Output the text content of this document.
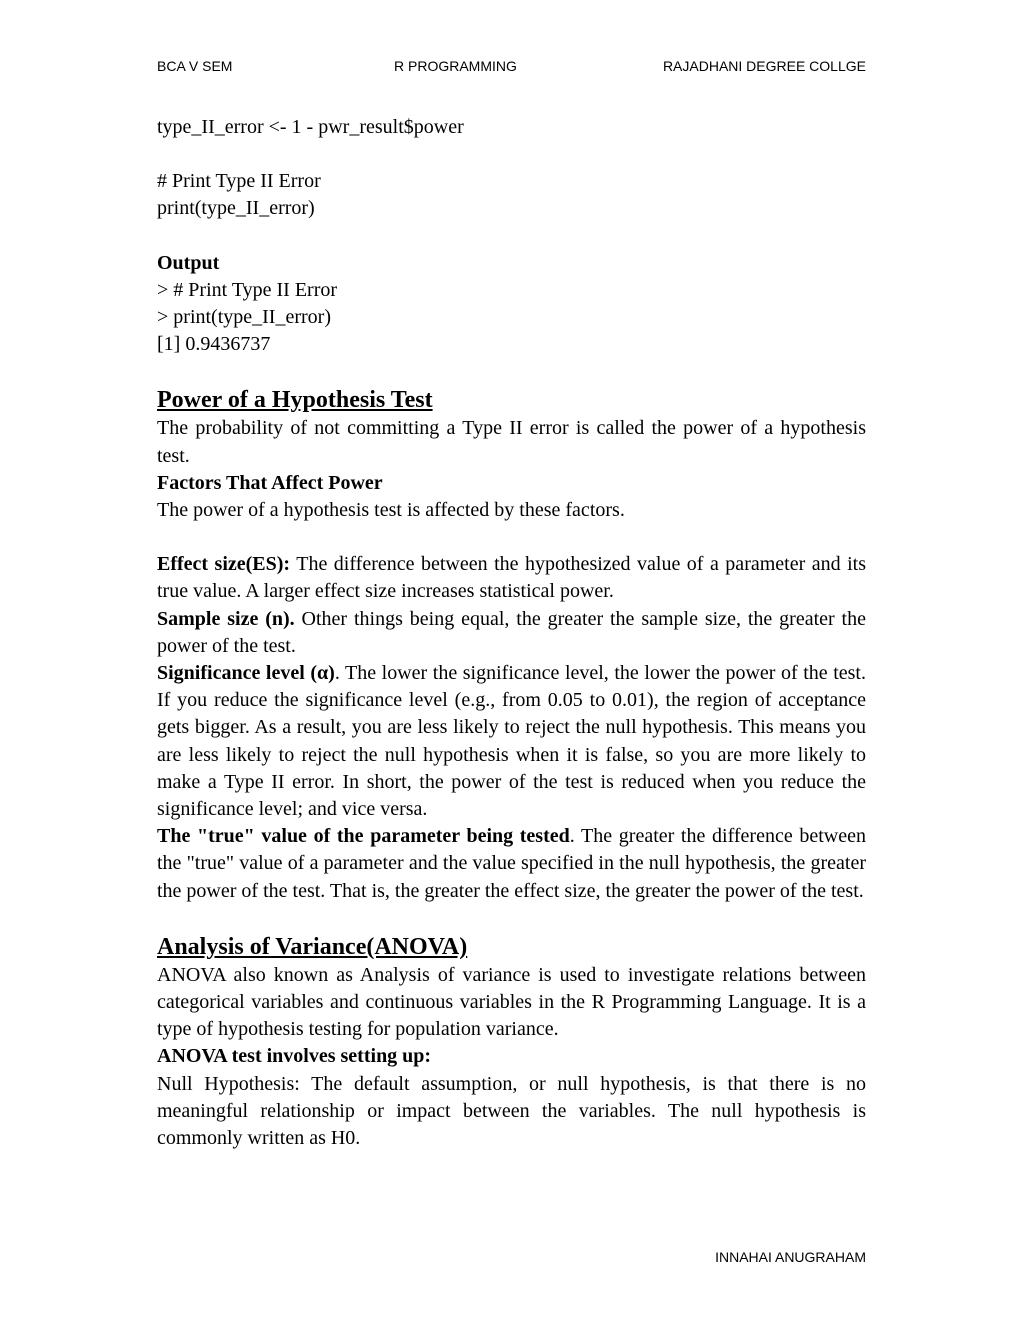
BCA V SEM	R PROGRAMMING	RAJADHANI DEGREE COLLGE

type_II_error <- 1 - pwr_result$power

# Print Type II Error

print(type_II_error)

Output

> # Print Type II Error

> print(type_II_error)

[1] 0.9436737

Power of a Hypothesis Test

The probability of not committing a Type II error is called the power of a hypothesis test.

Factors That Affect Power

The power of a hypothesis test is affected by these factors.

Effect size(ES): The difference between the hypothesized value of a parameter and its true value. A larger effect size increases statistical power.

Sample size (n). Other things being equal, the greater the sample size, the greater the power of the test.

Significance level (α). The lower the significance level, the lower the power of the test. If you reduce the significance level (e.g., from 0.05 to 0.01), the region of acceptance gets bigger. As a result, you are less likely to reject the null hypothesis. This means you are less likely to reject the null hypothesis when it is false, so you are more likely to make a Type II error. In short, the power of the test is reduced when you reduce the significance level; and vice versa.

The "true" value of the parameter being tested. The greater the difference between the "true" value of a parameter and the value specified in the null hypothesis, the greater the power of the test. That is, the greater the effect size, the greater the power of the test.

Analysis of Variance(ANOVA)

ANOVA also known as Analysis of variance is used to investigate relations between categorical variables and continuous variables in the R Programming Language. It is a type of hypothesis testing for population variance.

ANOVA test involves setting up:

Null Hypothesis: The default assumption, or null hypothesis, is that there is no meaningful relationship or impact between the variables. The null hypothesis is commonly written as H0.

INNAHAI ANUGRAHAM
